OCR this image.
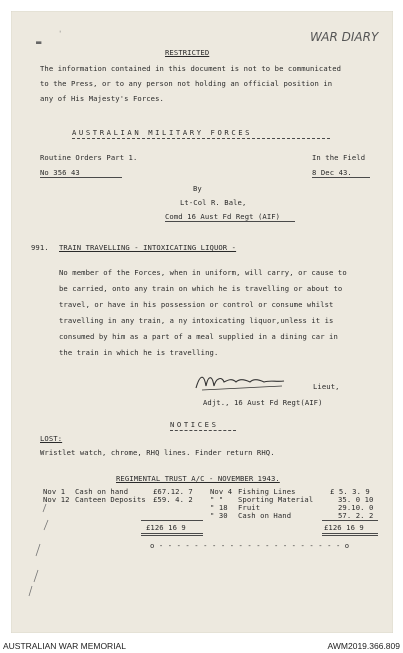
▬
ˈ	WAR DIARY
RESTRICTED
The information contained in this document is not to be communicated
to the Press, or to any person not holding an official position in
any of His Majesty's Forces.
AUSTRALIAN MILITARY FORCES
Routine Orders Part 1.	In the Field
No 356 43	8 Dec 43.
By
Lt-Col R. Bale,
Comd 16 Aust Fd Regt (AIF)
991. TRAIN TRAVELLING - INTOXICATING LIQUOR -
No member of the Forces, when in uniform, will carry, or cause to
be carried, onto any train on which he is travelling or about to
travel, or have in his possession or control or consume whilst
travelling in any train, a ny intoxicating liquor,unless it is
consumed by him as a part of a meal supplied in a dining car in
the train in which he is travelling.
Lieut,
Adjt., 16 Aust Fd Regt(AIF)
NOTICES
LOST:
Wristlet watch, chrome, RHQ lines. Finder return RHQ.
REGIMENTAL TRUST A/C - NOVEMBER 1943.
Nov 1 Cash on hand	£67.12. 7
Nov 12 Canteen Deposits £59. 4. 2
Nov 4 Fishing Lines	£ 5. 3. 9
" " Sporting Material	35. 0 10
" 18 Fruit	29.10. 0
" 30 Cash on Hand	57. 2. 2
£126 16 9	£126 16 9
o - - - - - - - - - - - - - - - - - - - - - o
AUSTRALIAN WAR MEMORIAL	AWM2019.366.809
